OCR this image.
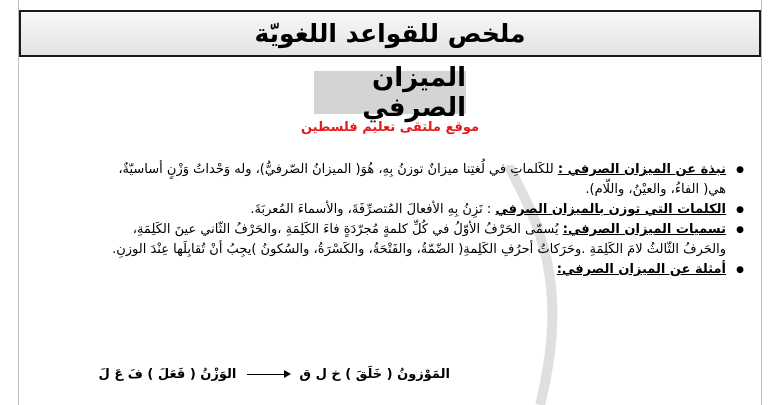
ملخص للقواعد اللغويّة
الميزان الصرفي
موقع ملتقى تعليم فلسطين
● نبذة عن الميزان الصرفي : للكَلماتِ في لُغتِنا ميزانٌ توزنُ بِهِ، هُوَ( الميزانُ الصّرفيُّ)، وله وَحْداتُ وَزْنٍ أساسيّةٌ،
هي( الفاءُ، والعيْنُ، واللّام).
● الكلمات التي توزن بالميزان الصرفي : نَزِنُ بِهِ الأفعالَ المُتصرِّفَةَ، والأسماءَ المُعربَةَ.
● تسميات الميزان الصرفي: يُسمّى الحَرْفُ الأوّلُ في كُلِّ كلمةٍ مُجرّدَةٍ فاءَ الكَلِمَةِ ،والحَرْفُ الثّاني عينَ الكَلِمَةِ،
والحَرفُ الثّالثُ لامَ الكَلِمَةِ .وحَرَكاتُ أحرُفِ الكَلِمةِ( الضّمّةُ، والفَتْحَةُ، والكَسْرَةُ، والسُكونُ )يجِبُ أنْ تُقابِلَها عِنْدَ الوزنِ.
● أمثلة عن الميزان الصرفي:
المَوْزونُ ( خَلَقَ ) خ ل ق  الوَزْنُ ( فَعَلَ ) فَ عَ لَ
